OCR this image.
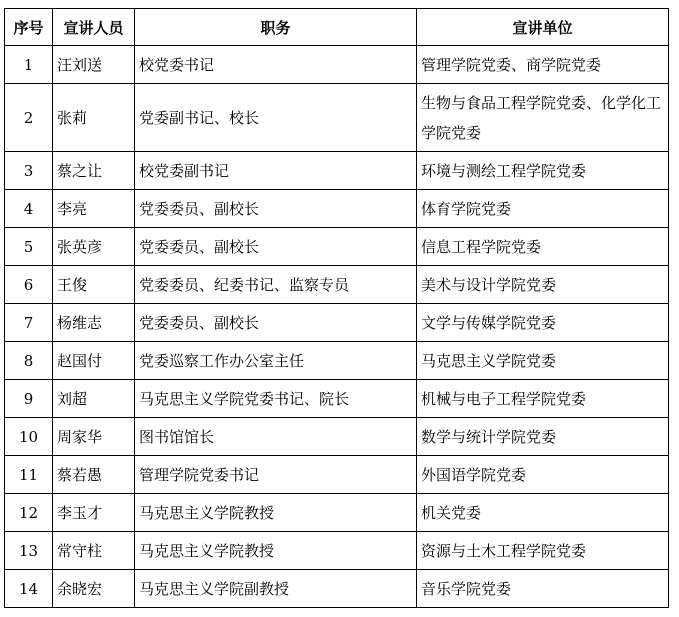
序号	宣讲人员	职务	宣讲单位
1	汪刘送	校党委书记	管理学院党委、商学院党委
2	张莉	党委副书记、校长	生物与食品工程学院党委、化学化工学院党委
3	蔡之让	校党委副书记	环境与测绘工程学院党委
4	李亮	党委委员、副校长	体育学院党委
5	张英彦	党委委员、副校长	信息工程学院党委
6	王俊	党委委员、纪委书记、监察专员	美术与设计学院党委
7	杨维志	党委委员、副校长	文学与传媒学院党委
8	赵国付	党委巡察工作办公室主任	马克思主义学院党委
9	刘超	马克思主义学院党委书记、院长	机械与电子工程学院党委
10	周家华	图书馆馆长	数学与统计学院党委
11	蔡若愚	管理学院党委书记	外国语学院党委
12	李玉才	马克思主义学院教授	机关党委
13	常守柱	马克思主义学院教授	资源与土木工程学院党委
14	余晓宏	马克思主义学院副教授	音乐学院党委
